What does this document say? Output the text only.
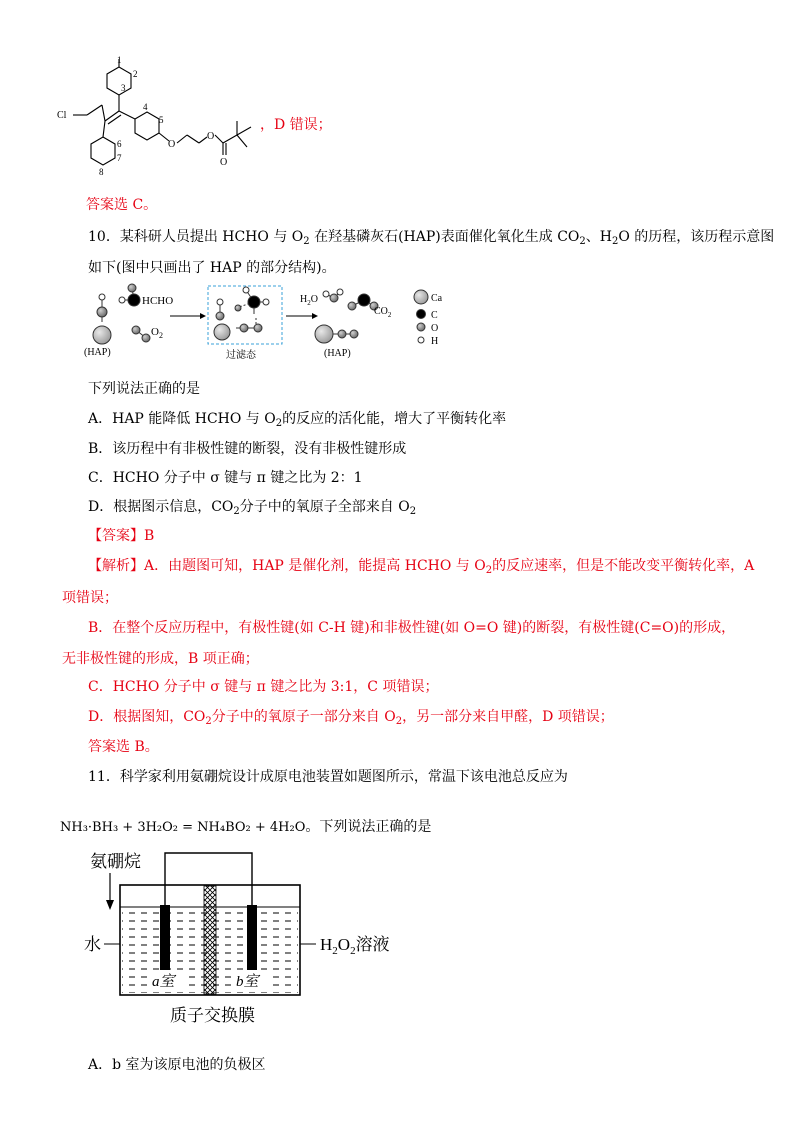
Cl
1
2
3
4
5
6
7
8
O
O
O
，D 错误；
答案选 C。
10．某科研人员提出 HCHO 与 $O_2$ 在羟基磷灰石(HAP)表面催化氧化生成 $CO_2$、$H_2O$ 的历程，该历程示意图
如下(图中只画出了 HAP 的部分结构)。
HCHO
$O_2$
(HAP)	过滤态
$H_2O$
$CO_2$
(HAP)
Ca
C
O
H
下列说法正确的是
A．HAP 能降低 HCHO 与 $O_2$的反应的活化能，增大了平衡转化率
B．该历程中有非极性键的断裂，没有非极性键形成
C．HCHO 分子中 σ 键与 π 键之比为 2：1
D．根据图示信息，$CO_2$分子中的氧原子全部来自 $O_2$
【答案】B
【解析】A．由题图可知，HAP 是催化剂，能提高 HCHO 与 $O_2$的反应速率，但是不能改变平衡转化率，A
项错误；
B．在整个反应历程中，有极性键(如 C-H 键)和非极性键(如 O=O 键)的断裂，有极性键(C=O)的形成，无非极性键的形成，B 项正确；
C．HCHO 分子中 σ 键与 π 键之比为 3:1，C 项错误；
D．根据图知，$CO_2$分子中的氧原子一部分来自 $O_2$，另一部分来自甲醛，D 项错误；
答案选 B。
11．科学家利用氨硼烷设计成原电池装置如题图所示，常温下该电池总反应为
NH₃·BH₃ + 3H₂O₂ = NH₄BO₂ + 4H₂O。下列说法正确的是
氨硼烷
水	$H_2O_2$溶液
a室	b室
质子交换膜
A．b 室为该原电池的负极区
